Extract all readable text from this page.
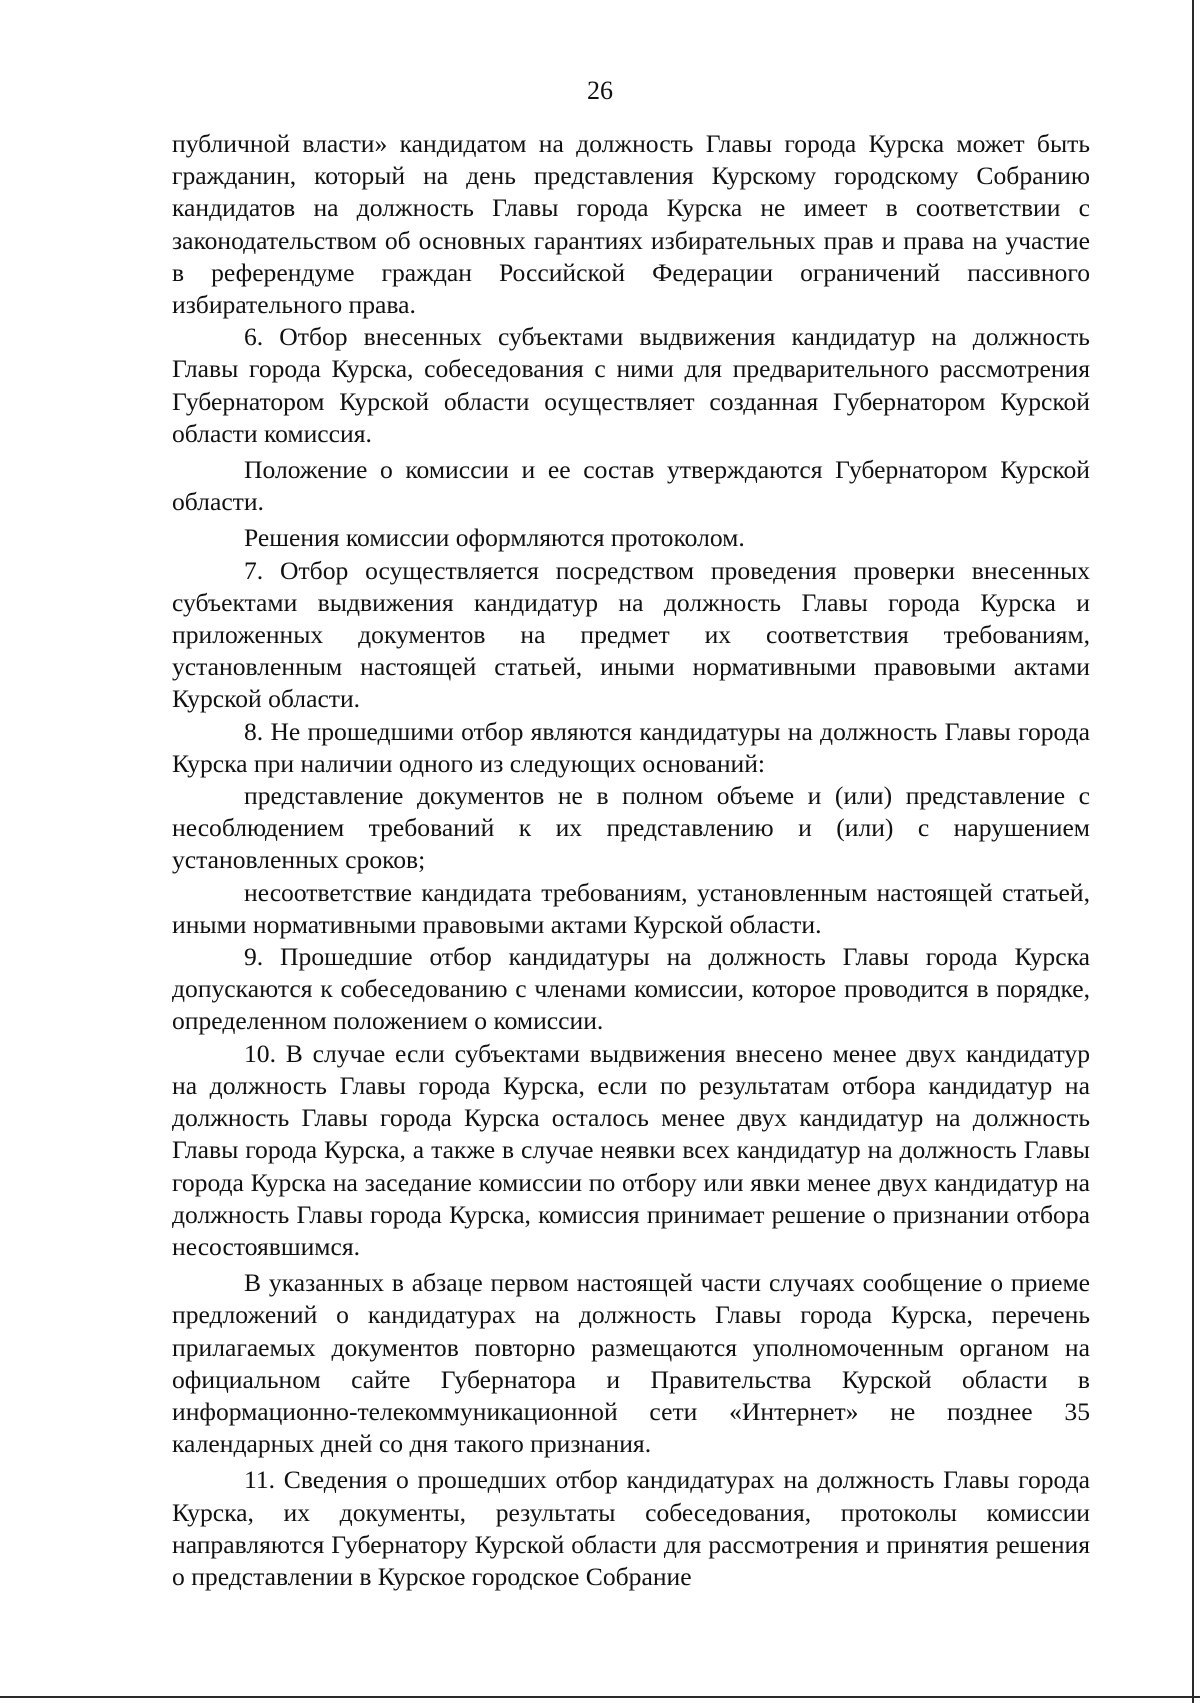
26

публичной власти» кандидатом на должность Главы города Курска может быть гражданин, который на день представления Курскому городскому Собранию кандидатов на должность Главы города Курска не имеет в соответствии с законодательством об основных гарантиях избирательных прав и права на участие в референдуме граждан Российской Федерации ограничений пассивного избирательного права.

6. Отбор внесенных субъектами выдвижения кандидатур на должность Главы города Курска, собеседования с ними для предварительного рассмотрения Губернатором Курской области осуществляет созданная Губернатором Курской области комиссия.

Положение о комиссии и ее состав утверждаются Губернатором Курской области.

Решения комиссии оформляются протоколом.

7. Отбор осуществляется посредством проведения проверки внесенных субъектами выдвижения кандидатур на должность Главы города Курска и приложенных документов на предмет их соответствия требованиям, установленным настоящей статьей, иными нормативными правовыми актами Курской области.

8. Не прошедшими отбор являются кандидатуры на должность Главы города Курска при наличии одного из следующих оснований:

представление документов не в полном объеме и (или) представление с несоблюдением требований к их представлению и (или) с нарушением установленных сроков;

несоответствие кандидата требованиям, установленным настоящей статьей, иными нормативными правовыми актами Курской области.

9. Прошедшие отбор кандидатуры на должность Главы города Курска допускаются к собеседованию с членами комиссии, которое проводится в порядке, определенном положением о комиссии.

10. В случае если субъектами выдвижения внесено менее двух кандидатур на должность Главы города Курска, если по результатам отбора кандидатур на должность Главы города Курска осталось менее двух кандидатур на должность Главы города Курска, а также в случае неявки всех кандидатур на должность Главы города Курска на заседание комиссии по отбору или явки менее двух кандидатур на должность Главы города Курска, комиссия принимает решение о признании отбора несостоявшимся.

В указанных в абзаце первом настоящей части случаях сообщение о приеме предложений о кандидатурах на должность Главы города Курска, перечень прилагаемых документов повторно размещаются уполномоченным органом на официальном сайте Губернатора и Правительства Курской области в информационно-телекоммуникационной сети «Интернет» не позднее 35 календарных дней со дня такого признания.

11. Сведения о прошедших отбор кандидатурах на должность Главы города Курска, их документы, результаты собеседования, протоколы комиссии направляются Губернатору Курской области для рассмотрения и принятия решения о представлении в Курское городское Собрание
